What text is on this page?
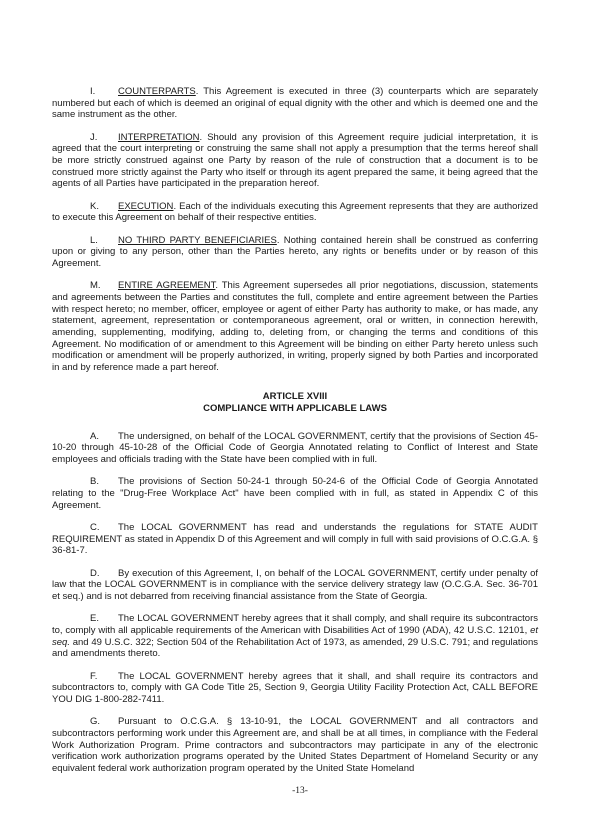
I. COUNTERPARTS. This Agreement is executed in three (3) counterparts which are separately numbered but each of which is deemed an original of equal dignity with the other and which is deemed one and the same instrument as the other.

J. INTERPRETATION. Should any provision of this Agreement require judicial interpretation, it is agreed that the court interpreting or construing the same shall not apply a presumption that the terms hereof shall be more strictly construed against one Party by reason of the rule of construction that a document is to be construed more strictly against the Party who itself or through its agent prepared the same, it being agreed that the agents of all Parties have participated in the preparation hereof.

K. EXECUTION. Each of the individuals executing this Agreement represents that they are authorized to execute this Agreement on behalf of their respective entities.

L. NO THIRD PARTY BENEFICIARIES. Nothing contained herein shall be construed as conferring upon or giving to any person, other than the Parties hereto, any rights or benefits under or by reason of this Agreement.

M. ENTIRE AGREEMENT. This Agreement supersedes all prior negotiations, discussion, statements and agreements between the Parties and constitutes the full, complete and entire agreement between the Parties with respect hereto; no member, officer, employee or agent of either Party has authority to make, or has made, any statement, agreement, representation or contemporaneous agreement, oral or written, in connection herewith, amending, supplementing, modifying, adding to, deleting from, or changing the terms and conditions of this Agreement. No modification of or amendment to this Agreement will be binding on either Party hereto unless such modification or amendment will be properly authorized, in writing, properly signed by both Parties and incorporated in and by reference made a part hereof.

ARTICLE XVIII
COMPLIANCE WITH APPLICABLE LAWS

A. The undersigned, on behalf of the LOCAL GOVERNMENT, certify that the provisions of Section 45-10-20 through 45-10-28 of the Official Code of Georgia Annotated relating to Conflict of Interest and State employees and officials trading with the State have been complied with in full.

B. The provisions of Section 50-24-1 through 50-24-6 of the Official Code of Georgia Annotated relating to the "Drug-Free Workplace Act" have been complied with in full, as stated in Appendix C of this Agreement.

C. The LOCAL GOVERNMENT has read and understands the regulations for STATE AUDIT REQUIREMENT as stated in Appendix D of this Agreement and will comply in full with said provisions of O.C.G.A. § 36-81-7.

D. By execution of this Agreement, I, on behalf of the LOCAL GOVERNMENT, certify under penalty of law that the LOCAL GOVERNMENT is in compliance with the service delivery strategy law (O.C.G.A. Sec. 36-701 et seq.) and is not debarred from receiving financial assistance from the State of Georgia.

E. The LOCAL GOVERNMENT hereby agrees that it shall comply, and shall require its subcontractors to, comply with all applicable requirements of the American with Disabilities Act of 1990 (ADA), 42 U.S.C. 12101, et seq. and 49 U.S.C. 322; Section 504 of the Rehabilitation Act of 1973, as amended, 29 U.S.C. 791; and regulations and amendments thereto.

F. The LOCAL GOVERNMENT hereby agrees that it shall, and shall require its contractors and subcontractors to, comply with GA Code Title 25, Section 9, Georgia Utility Facility Protection Act, CALL BEFORE YOU DIG 1-800-282-7411.

G. Pursuant to O.C.G.A. § 13-10-91, the LOCAL GOVERNMENT and all contractors and subcontractors performing work under this Agreement are, and shall be at all times, in compliance with the Federal Work Authorization Program. Prime contractors and subcontractors may participate in any of the electronic verification work authorization programs operated by the United States Department of Homeland Security or any equivalent federal work authorization program operated by the United State Homeland

-13-
